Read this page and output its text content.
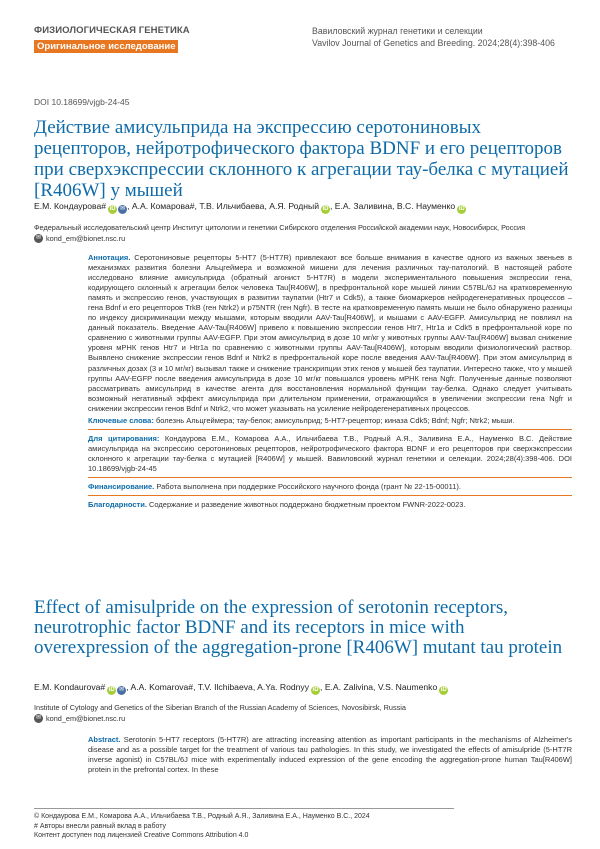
ФИЗИОЛОГИЧЕСКАЯ ГЕНЕТИКА
Оригинальное исследование
Вавиловский журнал генетики и селекции
Vavilov Journal of Genetics and Breeding. 2024;28(4):398-406
DOI 10.18699/vjgb-24-45
Действие амисульприда на экспрессию серотониновых рецепторов, нейротрофического фактора BDNF и его рецепторов при сверхэкспрессии склонного к агрегации тау-белка с мутацией [R406W] у мышей
Е.М. Кондаурова# iD ✉ , А.А. Комарова#, Т.В. Ильчибаева, А.Я. Родный iD , Е.А. Заливина, В.С. Науменко iD
Федеральный исследовательский центр Институт цитологии и генетики Сибирского отделения Российской академии наук, Новосибирск, Россия
✉ kond_em@bionet.nsc.ru
Аннотация. Серотониновые рецепторы 5-HT7 (5-HT7R) привлекают все больше внимания в качестве одного из важных звеньев в механизмах развития болезни Альцгеймера и возможной мишени для лечения различных тау-патологий. В настоящей работе исследовано влияние амисульприда (обратный агонист 5-HT7R) в модели экспериментального повышения экспрессии гена, кодирующего склонный к агрегации белок человека Tau[R406W], в префронтальной коре мышей линии C57BL/6J на кратковременную память и экспрессию генов, участвующих в развитии таупатии (Htr7 и Cdk5), а также биомаркеров нейродегенеративных процессов – гена Bdnf и его рецепторов TrkB (ген Ntrk2) и p75NTR (ген Ngfr). В тесте на кратковременную память мыши не было обнаружено разницы по индексу дискриминации между мышами, которым вводили AAV-Tau[R406W], и мышами с AAV-EGFP. Амисульприд не повлиял на данный показатель. Введение AAV-Tau[R406W] привело к повышению экспрессии генов Htr7, Htr1a и Cdk5 в префронтальной коре по сравнению с животными группы AAV-EGFP. При этом амисульприд в дозе 10 мг/кг у животных группы AAV-Tau[R406W] вызвал снижение уровня мРНК генов Htr7 и Htr1a по сравнению с животными группы AAV-Tau[R406W], которым вводили физиологический раствор. Выявлено снижение экспрессии генов Bdnf и Ntrk2 в префронтальной коре после введения AAV-Tau[R406W]. При этом амисульприд в различных дозах (3 и 10 мг/кг) вызывал также и снижение транскрипции этих генов у мышей без таупатии. Интересно также, что у мышей группы AAV-EGFP после введения амисульприда в дозе 10 мг/кг повышался уровень мРНК гена Ngfr. Полученные данные позволяют рассматривать амисульприд в качестве агента для восстановления нормальной функции тау-белка. Однако следует учитывать возможный негативный эффект амисульприда при длительном применении, отражающийся в увеличении экспрессии гена Ngfr и снижении экспрессии генов Bdnf и Ntrk2, что может указывать на усиление нейродегенеративных процессов.
Ключевые слова: болезнь Альцгеймера; тау-белок; амисульприд; 5-HT7-рецептор; киназа Cdk5; Bdnf; Ngfr; Ntrk2; мыши.
Для цитирования: Кондаурова Е.М., Комарова А.А., Ильчибаева Т.В., Родный А.Я., Заливина Е.А., Науменко В.С. Действие амисульприда на экспрессию серотониновых рецепторов, нейротрофического фактора BDNF и его рецепторов при сверхэкспрессии склонного к агрегации тау-белка с мутацией [R406W] у мышей. Вавиловский журнал генетики и селекции. 2024;28(4):398-406. DOI 10.18699/vjgb-24-45
Финансирование. Работа выполнена при поддержке Российского научного фонда (грант № 22-15-00011).
Благодарности. Содержание и разведение животных поддержано бюджетным проектом FWNR-2022-0023.
Effect of amisulpride on the expression of serotonin receptors, neurotrophic factor BDNF and its receptors in mice with overexpression of the aggregation-prone [R406W] mutant tau protein
E.M. Kondaurova# iD ✉ , A.A. Komarova#, T.V. Ilchibaeva, A.Ya. Rodnyy iD , E.A. Zalivina, V.S. Naumenko iD
Institute of Cytology and Genetics of the Siberian Branch of the Russian Academy of Sciences, Novosibirsk, Russia
✉ kond_em@bionet.nsc.ru
Abstract. Serotonin 5-HT7 receptors (5-HT7R) are attracting increasing attention as important participants in the mechanisms of Alzheimer's disease and as a possible target for the treatment of various tau pathologies. In this study, we investigated the effects of amisulpride (5-HT7R inverse agonist) in C57BL/6J mice with experimentally induced expression of the gene encoding the aggregation-prone human Tau[R406W] protein in the prefrontal cortex. In these
© Кондаурова Е.М., Комарова А.А., Ильчибаева Т.В., Родный А.Я., Заливина Е.А., Науменко В.С., 2024
# Авторы внесли равный вклад в работу
Контент доступен под лицензией Creative Commons Attribution 4.0
